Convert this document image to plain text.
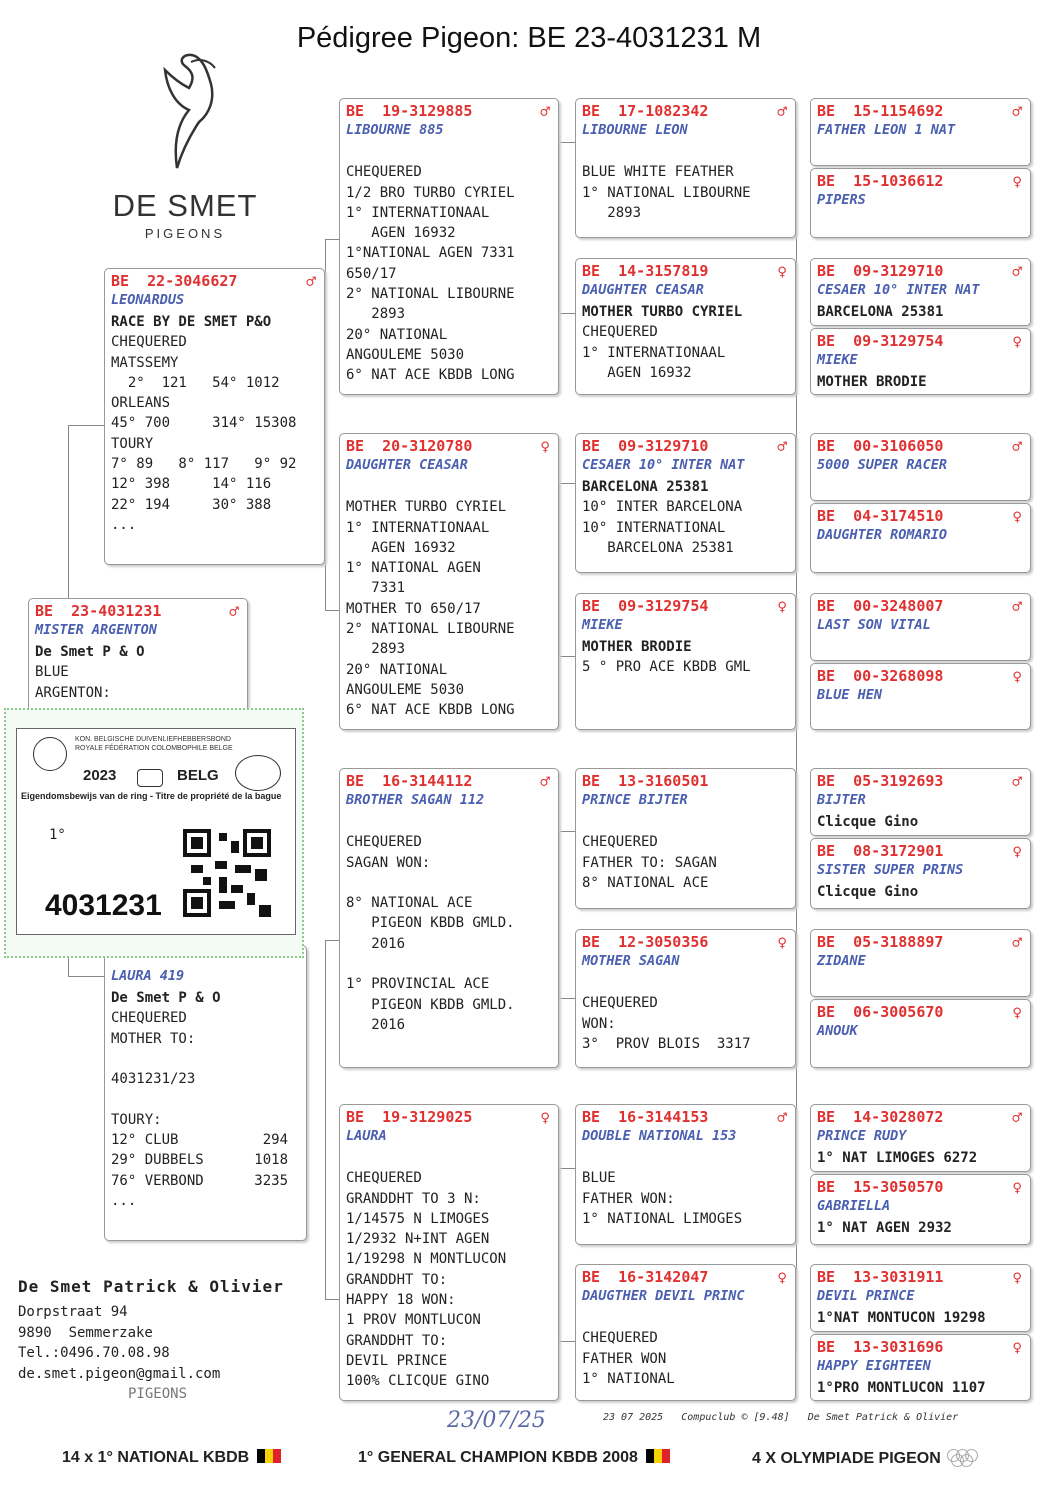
Pédigree Pigeon: BE 23-4031231 M
DE SMET
PIGEONS
BE  23-4031231	♂
MISTER ARGENTON
De Smet P & O
BLUE
ARGENTON:
BE  22-3046627	♂
LEONARDUS
RACE BY DE SMET P&O
CHEQUERED
MATSSEMY
2°  121   54° 1012
ORLEANS
45° 700     314° 15308
TOURY
7° 89   8° 117   9° 92
12° 398     14° 116
22° 194     30° 388
...
LAURA 419
De Smet P & O
CHEQUERED
MOTHER TO:
4031231/23
TOURY:
12° CLUB          294
29° DUBBELS      1018
76° VERBOND      3235
...
BE  19-3129885	♂
LIBOURNE 885
CHEQUERED
1/2 BRO TURBO CYRIEL
1° INTERNATIONAAL
AGEN 16932
1°NATIONAL AGEN 7331
650/17
2° NATIONAL LIBOURNE
2893
20° NATIONAL
ANGOULEME 5030
6° NAT ACE KBDB LONG
BE  20-3120780	♀
DAUGHTER CEASAR
MOTHER TURBO CYRIEL
1° INTERNATIONAAL
AGEN 16932
1° NATIONAL AGEN
7331
MOTHER TO 650/17
2° NATIONAL LIBOURNE
2893
20° NATIONAL
ANGOULEME 5030
6° NAT ACE KBDB LONG
BE  16-3144112	♂
BROTHER SAGAN 112
CHEQUERED
SAGAN WON:
8° NATIONAL ACE
PIGEON KBDB GMLD.
2016
1° PROVINCIAL ACE
PIGEON KBDB GMLD.
2016
BE  19-3129025	♀
LAURA
CHEQUERED
GRANDDHT TO 3 N:
1/14575 N LIMOGES
1/2932 N+INT AGEN
1/19298 N MONTLUCON
GRANDDHT TO:
HAPPY 18 WON:
1 PROV MONTLUCON
GRANDDHT TO:
DEVIL PRINCE
100% CLICQUE GINO
BE  17-1082342	♂
LIBOURNE LEON
BLUE WHITE FEATHER
1° NATIONAL LIBOURNE
2893
BE  14-3157819	♀
DAUGHTER CEASAR
MOTHER TURBO CYRIEL
CHEQUERED
1° INTERNATIONAAL
AGEN 16932
BE  09-3129710	♂
CESAER 10° INTER NAT
BARCELONA 25381
10° INTER BARCELONA
10° INTERNATIONAL
BARCELONA 25381
BE  09-3129754	♀
MIEKE
MOTHER BRODIE
5 ° PRO ACE KBDB GML
BE  13-3160501
PRINCE BIJTER
CHEQUERED
FATHER TO: SAGAN
8° NATIONAL ACE
BE  12-3050356	♀
MOTHER SAGAN
CHEQUERED
WON:
3°  PROV BLOIS  3317
BE  16-3144153	♂
DOUBLE NATIONAL 153
BLUE
FATHER WON:
1° NATIONAL LIMOGES
BE  16-3142047	♀
DAUGTHER DEVIL PRINC
CHEQUERED
FATHER WON
1° NATIONAL
BE  15-1154692	♂
FATHER LEON 1 NAT
BE  15-1036612	♀
PIPERS
BE  09-3129710	♂
CESAER 10° INTER NAT
BARCELONA 25381
BE  09-3129754	♀
MIEKE
MOTHER BRODIE
BE  00-3106050	♂
5000 SUPER RACER
BE  04-3174510	♀
DAUGHTER ROMARIO
BE  00-3248007	♂
LAST SON VITAL
BE  00-3268098	♀
BLUE HEN
BE  05-3192693	♂
BIJTER
Clicque Gino
BE  08-3172901	♀
SISTER SUPER PRINS
Clicque Gino
BE  05-3188897	♂
ZIDANE
BE  06-3005670	♀
ANOUK
BE  14-3028072	♂
PRINCE RUDY
1° NAT LIMOGES 6272
BE  15-3050570	♀
GABRIELLA
1° NAT AGEN 2932
BE  13-3031911	♀
DEVIL PRINCE
1°NAT MONTUCON 19298
BE  13-3031696	♀
HAPPY EIGHTEEN
1°PRO MONTLUCON 1107
KON. BELGISCHE DUIVENLIEFHEBBERSBOND
ROYALE FÉDÉRATION COLOMBOPHILE BELGE
2023	BELG
Eigendomsbewijs van de ring - Titre de propriété de la bague
1°
4031231
De Smet Patrick & Olivier
Dorpstraat 94
9890  Semmerzake
Tel.:0496.70.08.98
de.smet.pigeon@gmail.com
PIGEONS
23/07/25	23 07 2025   Compuclub © [9.48]   De Smet Patrick & Olivier
14 x 1° NATIONAL KBDB	1° GENERAL CHAMPION KBDB 2008	4 X OLYMPIADE PIGEON
